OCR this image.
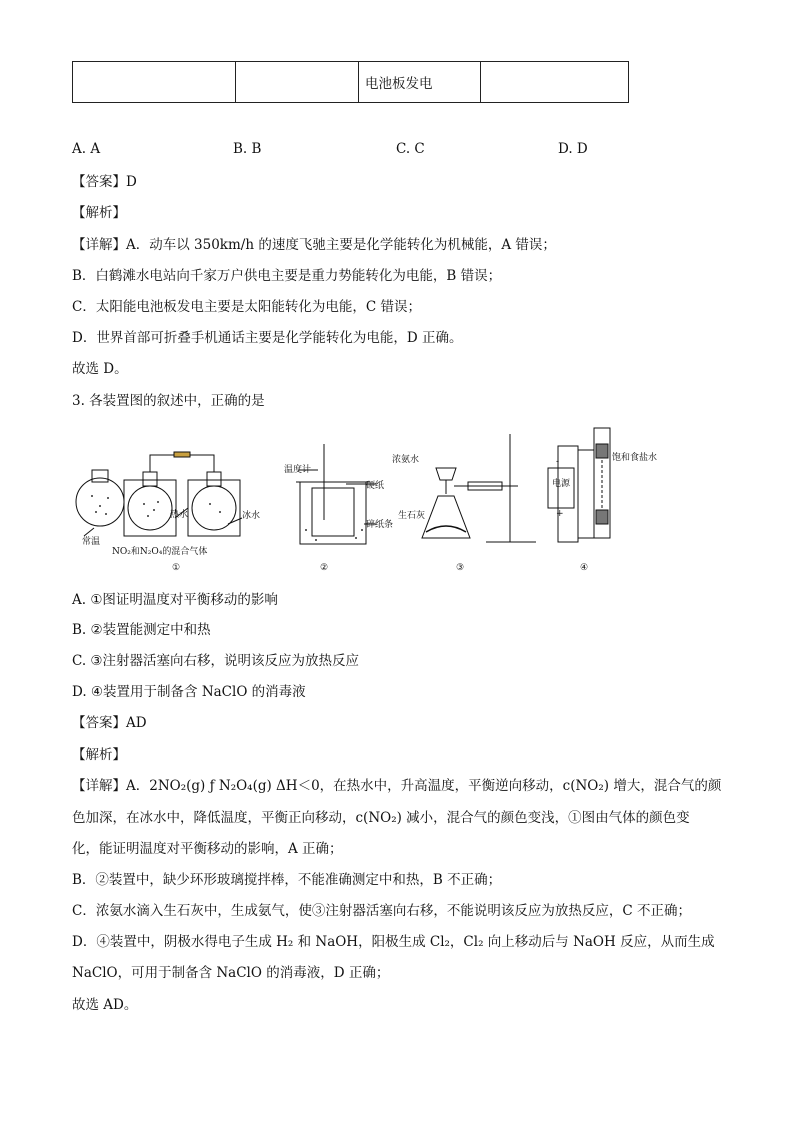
		电池板发电	
A. A	B. B	C. C	D. D
【答案】D
【解析】
【详解】A．动车以 350km/h 的速度飞驰主要是化学能转化为机械能，A 错误；
B．白鹤滩水电站向千家万户供电主要是重力势能转化为电能，B 错误；
C．太阳能电池板发电主要是太阳能转化为电能，C 错误；
D．世界首部可折叠手机通话主要是化学能转化为电能，D 正确。
故选 D。
3. 各装置图的叙述中，正确的是
常温
热水	冰水
NO₂和N₂O₄的混合气体
①
温度计
硬纸
碎纸条
②
浓氨水
生石灰
③
电源
-
+
饱和食盐水
④
A. ①图证明温度对平衡移动的影响
B. ②装置能测定中和热
C. ③注射器活塞向右移，说明该反应为放热反应
D. ④装置用于制备含 NaClO 的消毒液
【答案】AD
【解析】
【详解】A．2NO₂(g) ƒ N₂O₄(g) ΔH＜0，在热水中，升高温度，平衡逆向移动，c(NO₂) 增大，混合气的颜
色加深，在冰水中，降低温度，平衡正向移动，c(NO₂) 减小，混合气的颜色变浅，①图由气体的颜色变
化，能证明温度对平衡移动的影响，A 正确；
B．②装置中，缺少环形玻璃搅拌棒，不能准确测定中和热，B 不正确；
C．浓氨水滴入生石灰中，生成氨气，使③注射器活塞向右移，不能说明该反应为放热反应，C 不正确；
D．④装置中，阴极水得电子生成 H₂ 和 NaOH，阳极生成 Cl₂，Cl₂ 向上移动后与 NaOH 反应，从而生成
NaClO，可用于制备含 NaClO 的消毒液，D 正确；
故选 AD。
